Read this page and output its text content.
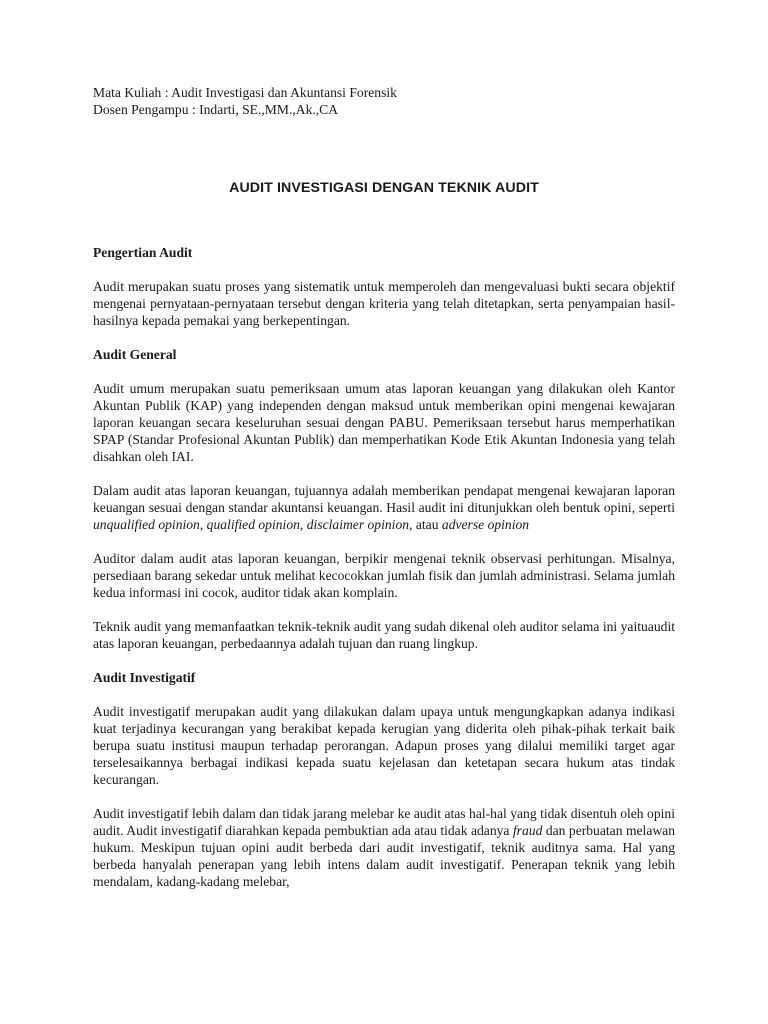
Mata Kuliah : Audit Investigasi dan Akuntansi Forensik

Dosen Pengampu : Indarti, SE.,MM.,Ak.,CA

AUDIT INVESTIGASI DENGAN TEKNIK AUDIT

Pengertian Audit

Audit merupakan suatu proses yang sistematik untuk memperoleh dan mengevaluasi bukti secara objektif mengenai pernyataan-pernyataan tersebut dengan kriteria yang telah ditetapkan, serta penyampaian hasil-hasilnya kepada pemakai yang berkepentingan.

Audit General

Audit umum merupakan suatu pemeriksaan umum atas laporan keuangan yang dilakukan oleh Kantor Akuntan Publik (KAP) yang independen dengan maksud untuk memberikan opini mengenai kewajaran laporan keuangan secara keseluruhan sesuai dengan PABU. Pemeriksaan tersebut harus memperhatikan SPAP (Standar Profesional Akuntan Publik) dan memperhatikan Kode Etik Akuntan Indonesia yang telah disahkan oleh IAI.

Dalam audit atas laporan keuangan, tujuannya adalah memberikan pendapat mengenai kewajaran laporan keuangan sesuai dengan standar akuntansi keuangan. Hasil audit ini ditunjukkan oleh bentuk opini, seperti unqualified opinion, qualified opinion, disclaimer opinion, atau adverse opinion

Auditor dalam audit atas laporan keuangan, berpikir mengenai teknik observasi perhitungan. Misalnya, persediaan barang sekedar untuk melihat kecocokkan jumlah fisik dan jumlah administrasi. Selama jumlah kedua informasi ini cocok, auditor tidak akan komplain.

Teknik audit yang memanfaatkan teknik-teknik audit yang sudah dikenal oleh auditor selama ini yaituaudit atas laporan keuangan, perbedaannya adalah tujuan dan ruang lingkup.

Audit Investigatif

Audit investigatif merupakan audit yang dilakukan dalam upaya untuk mengungkapkan adanya indikasi kuat terjadinya kecurangan yang berakibat kepada kerugian yang diderita oleh pihak-pihak terkait baik berupa suatu institusi maupun terhadap perorangan. Adapun proses yang dilalui memiliki target agar terselesaikannya berbagai indikasi kepada suatu kejelasan dan ketetapan secara hukum atas tindak kecurangan.

Audit investigatif lebih dalam dan tidak jarang melebar ke audit atas hal-hal yang tidak disentuh oleh opini audit. Audit investigatif diarahkan kepada pembuktian ada atau tidak adanya fraud dan perbuatan melawan hukum. Meskipun tujuan opini audit berbeda dari audit investigatif, teknik auditnya sama. Hal yang berbeda hanyalah penerapan yang lebih intens dalam audit investigatif. Penerapan teknik yang lebih mendalam, kadang-kadang melebar,
